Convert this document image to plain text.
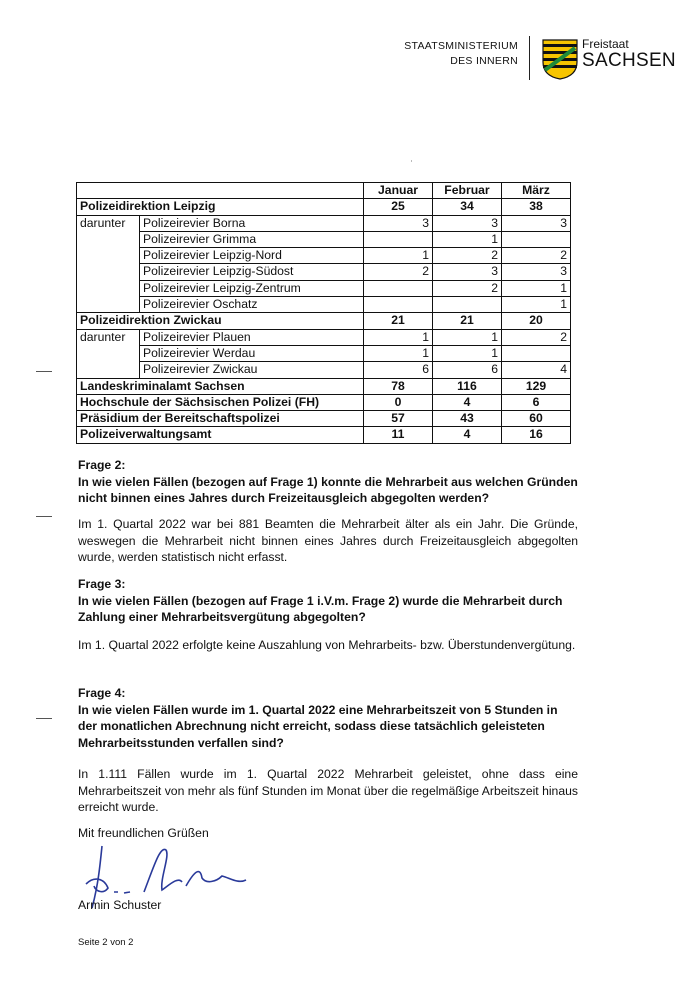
STAATSMINISTERIUM
DES INNERN
Freistaat
SACHSEN
		Januar	Februar	März
Polizeidirektion Leipzig		25	34	38
darunter	Polizeirevier Borna	3	3	3
	Polizeirevier Grimma		1	
	Polizeirevier Leipzig-Nord	1	2	2
	Polizeirevier Leipzig-Südost	2	3	3
	Polizeirevier Leipzig-Zentrum		2	1
	Polizeirevier Oschatz			1
Polizeidirektion Zwickau		21	21	20
darunter	Polizeirevier Plauen	1	1	2
	Polizeirevier Werdau	1	1	
	Polizeirevier Zwickau	6	6	4
Landeskriminalamt Sachsen		78	116	129
Hochschule der Sächsischen Polizei (FH)		0	4	6
Präsidium der Bereitschaftspolizei		57	43	60
Polizeiverwaltungsamt		11	4	16
Frage 2:
In wie vielen Fällen (bezogen auf Frage 1) konnte die Mehrarbeit aus welchen Gründen nicht binnen eines Jahres durch Freizeitausgleich abgegolten werden?
Im 1. Quartal 2022 war bei 881 Beamten die Mehrarbeit älter als ein Jahr. Die Gründe, weswegen die Mehrarbeit nicht binnen eines Jahres durch Freizeitausgleich abgegolten wurde, werden statistisch nicht erfasst.
Frage 3:
In wie vielen Fällen (bezogen auf Frage 1 i.V.m. Frage 2) wurde die Mehrarbeit durch Zahlung einer Mehrarbeitsvergütung abgegolten?
Im 1. Quartal 2022 erfolgte keine Auszahlung von Mehrarbeits- bzw. Überstundenvergütung.
Frage 4:
In wie vielen Fällen wurde im 1. Quartal 2022 eine Mehrarbeitszeit von 5 Stunden in der monatlichen Abrechnung nicht erreicht, sodass diese tatsächlich geleisteten Mehrarbeitsstunden verfallen sind?
In 1.111 Fällen wurde im 1. Quartal 2022 Mehrarbeit geleistet, ohne dass eine Mehrarbeitszeit von mehr als fünf Stunden im Monat über die regelmäßige Arbeitszeit hinaus erreicht wurde.
Mit freundlichen Grüßen
Armin Schuster
Seite 2 von 2
